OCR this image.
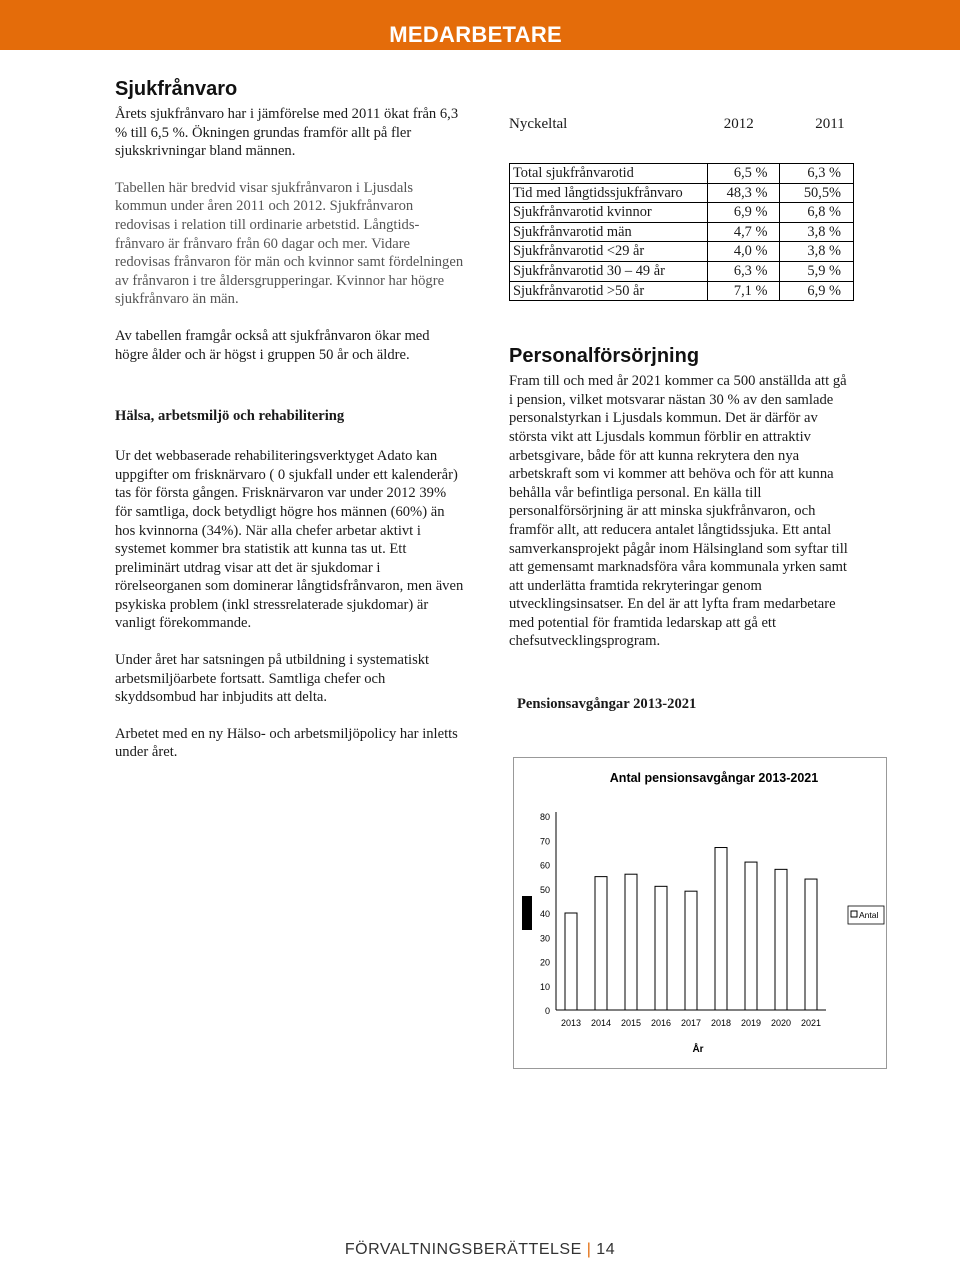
MEDARBETARE
Sjukfrånvaro

Årets sjukfrånvaro har i jämförelse med 2011 ökat från 6,3 % till 6,5 %. Ökningen grundas framför allt på fler sjukskrivningar bland männen.

Tabellen här bredvid visar sjukfrånvaron i Ljusdals kommun under åren 2011 och 2012. Sjukfrånvaron redovisas i relation till ordinarie arbetstid. Långtids-frånvaro är frånvaro från 60 dagar och mer. Vidare redovisas frånvaron för män och kvinnor samt fördelningen av frånvaron i tre åldersgrupperingar. Kvinnor har högre sjukfrånvaro än män.

Av tabellen framgår också att sjukfrånvaron ökar med högre ålder och är högst i gruppen 50 år och äldre.

Hälsa, arbetsmiljö och rehabilitering

Ur det webbaserade rehabiliteringsverktyget Adato kan uppgifter om frisknärvaro ( 0 sjukfall under ett kalenderår) tas för första gången. Frisknärvaron var under 2012 39% för samtliga, dock betydligt högre hos männen (60%) än hos kvinnorna (34%). När alla chefer arbetar aktivt i systemet kommer bra statistik att kunna tas ut. Ett preliminärt utdrag visar att det är sjukdomar i rörelseorganen som dominerar långtidsfrånvaron, men även psykiska problem (inkl stressrelaterade sjukdomar) är vanligt förekommande.

Under året har satsningen på utbildning i systematiskt arbetsmiljöarbete fortsatt. Samtliga chefer och skyddsombud har inbjudits att delta.

Arbetet med en ny Hälso- och arbetsmiljöpolicy har inletts under året.

Nyckeltal	2012	2011
Total sjukfrånvarotid	6,5 %	6,3 %
Tid med långtidssjukfrånvaro	48,3 %	50,5%
Sjukfrånvarotid kvinnor	6,9 %	6,8 %
Sjukfrånvarotid män	4,7 %	3,8 %
Sjukfrånvarotid <29 år	4,0 %	3,8 %
Sjukfrånvarotid 30 – 49 år	6,3 %	5,9 %
Sjukfrånvarotid >50 år	7,1 %	6,9 %
Personalförsörjning

Fram till och med år 2021 kommer ca 500 anställda att gå i pension, vilket motsvarar nästan 30 % av den samlade personalstyrkan i Ljusdals kommun. Det är därför av största vikt att Ljusdals kommun förblir en attraktiv arbetsgivare, både för att kunna rekrytera den nya arbetskraft som vi kommer att behöva och för att kunna behålla vår befintliga personal. En källa till personalförsörjning är att minska sjukfrånvaron, och framför allt, att reducera antalet långtidssjuka. Ett antal samverkansprojekt pågår inom Hälsingland som syftar till att gemensamt marknadsföra våra kommunala yrken samt att underlätta framtida rekryteringar genom utvecklingsinsatser. En del är att lyfta fram medarbetare med potential för framtida ledarskap att gå ett chefsutvecklingsprogram.

Pensionsavgångar 2013-2021
Antal pensionsavgångar 2013-2021
0
10
20
30
40
50
60
70
80
2013 2014 2015 2016 2017 2018 2019 2020 2021
År
Antal
FÖRVALTNINGSBERÄTTELSE | 14
